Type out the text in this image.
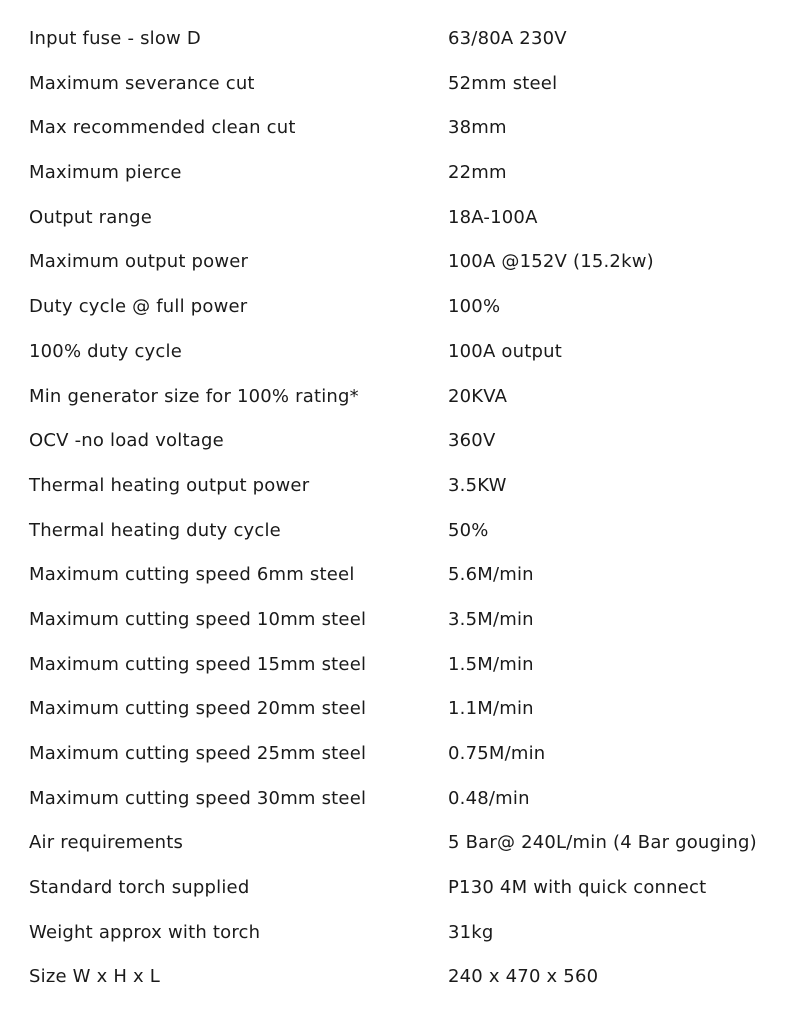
Input fuse - slow D	63/80A 230V
Maximum severance cut	52mm steel
Max recommended clean cut	38mm
Maximum pierce	22mm
Output range	18A-100A
Maximum output power	100A @152V (15.2kw)
Duty cycle @ full power	100%
100% duty cycle	100A output
Min generator size for 100% rating*	20KVA
OCV -no load voltage	360V
Thermal heating output power	3.5KW
Thermal heating duty cycle	50%
Maximum cutting speed 6mm steel	5.6M/min
Maximum cutting speed 10mm steel	3.5M/min
Maximum cutting speed 15mm steel	1.5M/min
Maximum cutting speed 20mm steel	1.1M/min
Maximum cutting speed 25mm steel	0.75M/min
Maximum cutting speed 30mm steel	0.48/min
Air requirements	5 Bar@ 240L/min (4 Bar gouging)
Standard torch supplied	P130 4M with quick connect
Weight approx with torch	31kg
Size W x H x L	240 x 470 x 560
